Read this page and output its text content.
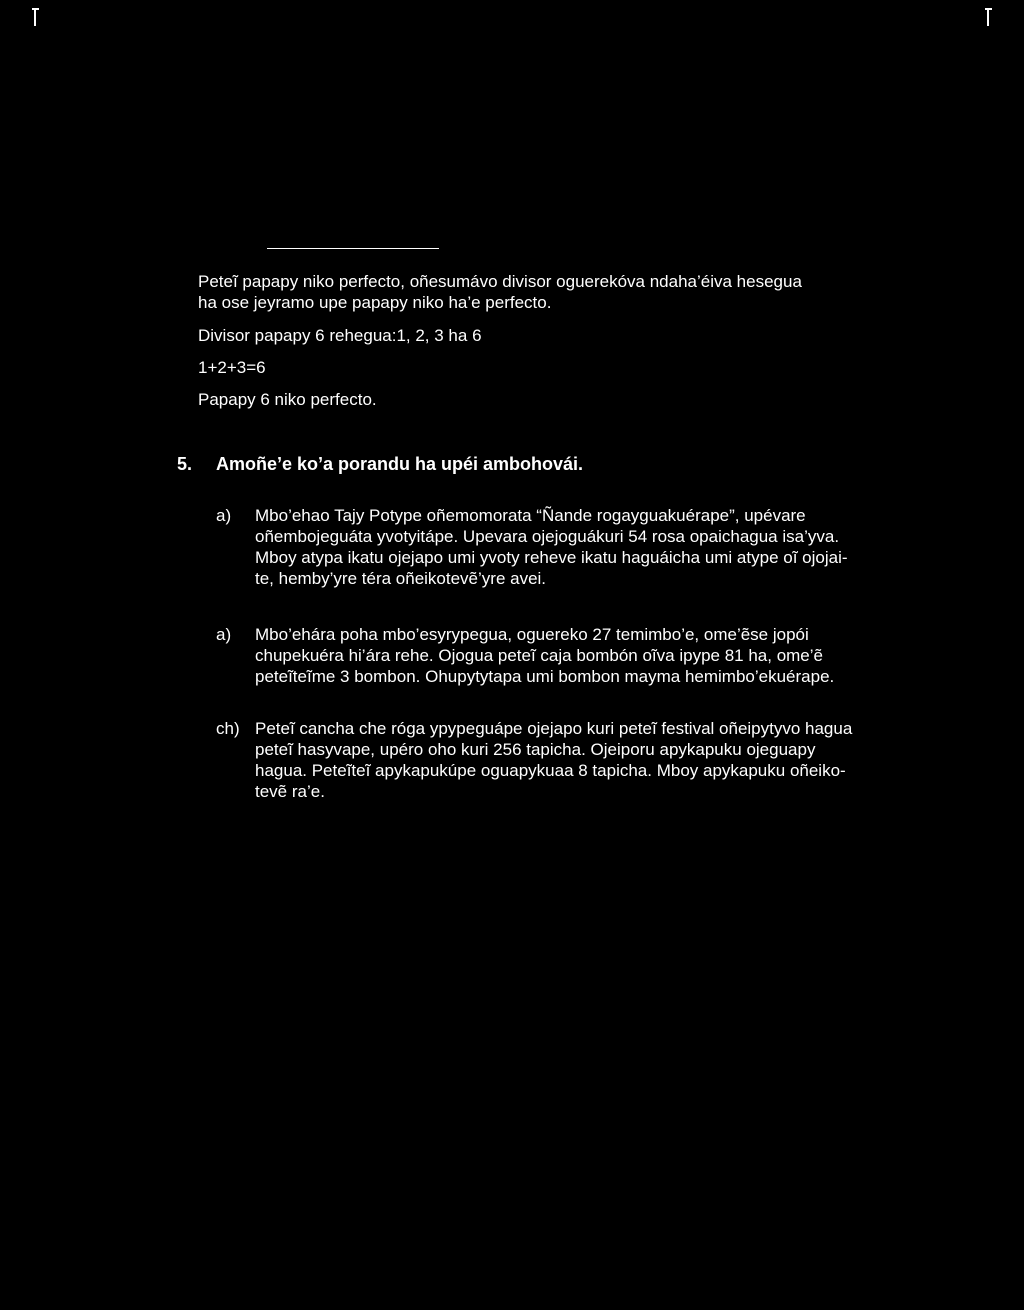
Peteĩ papapy niko perfecto, oñesumávo divisor oguerekóva ndaha’éiva hesegua
ha ose jeyramo upe papapy niko ha’e perfecto.
Divisor papapy 6 rehegua:1, 2, 3 ha 6
1+2+3=6
Papapy 6 niko perfecto.
5. Amoñe’e ko’a porandu ha upéi ambohovái.
a) Mbo’ehao Tajy Potype oñemomorata “Ñande rogayguakuérape”, upévare
oñembojeguáta yvotyitápe. Upevara ojejoguákuri 54 rosa opaichagua isa’yva.
Mboy atypa ikatu ojejapo umi yvoty reheve ikatu haguáicha umi atype oĩ ojojai-
te, hemby’yre téra oñeikotevẽ’yre avei.
a) Mbo’ehára poha mbo’esyrypegua, oguereko 27 temimbo’e, ome’ẽse jopói
chupekuéra hi’ára rehe. Ojogua peteĩ caja bombón oĩva ipype 81 ha, ome’ẽ
peteĩteĩme 3 bombon. Ohupytytapa umi bombon mayma hemimbo’ekuérape.
ch) Peteĩ cancha che róga ypypeguápe ojejapo kuri peteĩ festival oñeipytyvo hagua
peteĩ hasyvape, upéro oho kuri 256 tapicha. Ojeiporu apykapuku ojeguapy
hagua. Peteĩteĩ apykapukúpe oguapykuaa 8 tapicha. Mboy apykapuku oñeiko-
tevẽ ra’e.
